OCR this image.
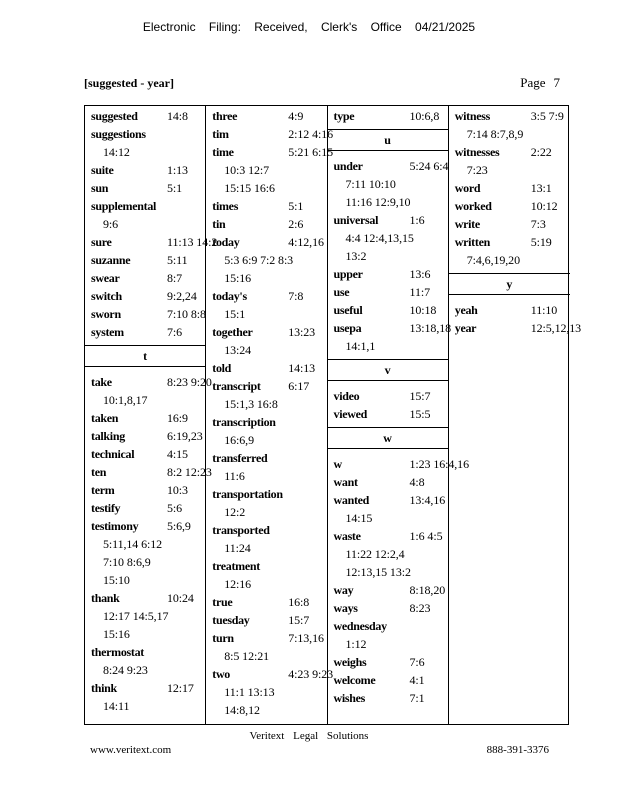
Electronic Filing: Received, Clerk's Office 04/21/2025
[suggested - year]	Page 7
suggested 14:8
suggestions
14:12
suite	1:13
sun	5:1
supplemental
9:6
sure	11:13 14:2
suzanne	5:11
swear	8:7
switch	9:2,24
sworn	7:10 8:8
system	7:6
t
take	8:23 9:20
10:1,8,17
taken	16:9
talking	6:19,23
technical	4:15
ten	8:2 12:23
term	10:3
testify	5:6
testimony 5:6,9
5:11,14 6:12
7:10 8:6,9
15:10
thank	10:24
12:17 14:5,17
15:16
thermostat
8:24 9:23
think	12:17
14:11
three	4:9
tim	2:12 4:16
time	5:21 6:15
10:3 12:7
15:15 16:6
times	5:1
tin	2:6
today	4:12,16
5:3 6:9 7:2 8:3
15:16
today's	7:8
15:1
together	13:23
13:24
told	14:13
transcript 6:17
15:1,3 16:8
transcription
16:6,9
transferred
11:6
transportation
12:2
transported
11:24
treatment
12:16
true	16:8
tuesday	15:7
turn	7:13,16
8:5 12:21
two	4:23 9:23
11:1 13:13
14:8,12
type	10:6,8
u
under	5:24 6:4
7:11 10:10
11:16 12:9,10
universal	1:6
4:4 12:4,13,15
13:2
upper	13:6
use	11:7
useful	10:18
usepa	13:18,18
14:1,1
v
video	15:7
viewed	15:5
w
w	1:23 16:4,16
want	4:8
wanted	13:4,16
14:15
waste	1:6 4:5
11:22 12:2,4
12:13,15 13:2
way	8:18,20
ways	8:23
wednesday
1:12
weighs	7:6
welcome	4:1
wishes	7:1
witness	3:5 7:9
7:14 8:7,8,9
witnesses	2:22
7:23
word	13:1
worked	10:12
write	7:3
written	5:19
7:4,6,19,20
y
yeah	11:10
year	12:5,12,13
Veritext Legal Solutions
www.veritext.com	888-391-3376
